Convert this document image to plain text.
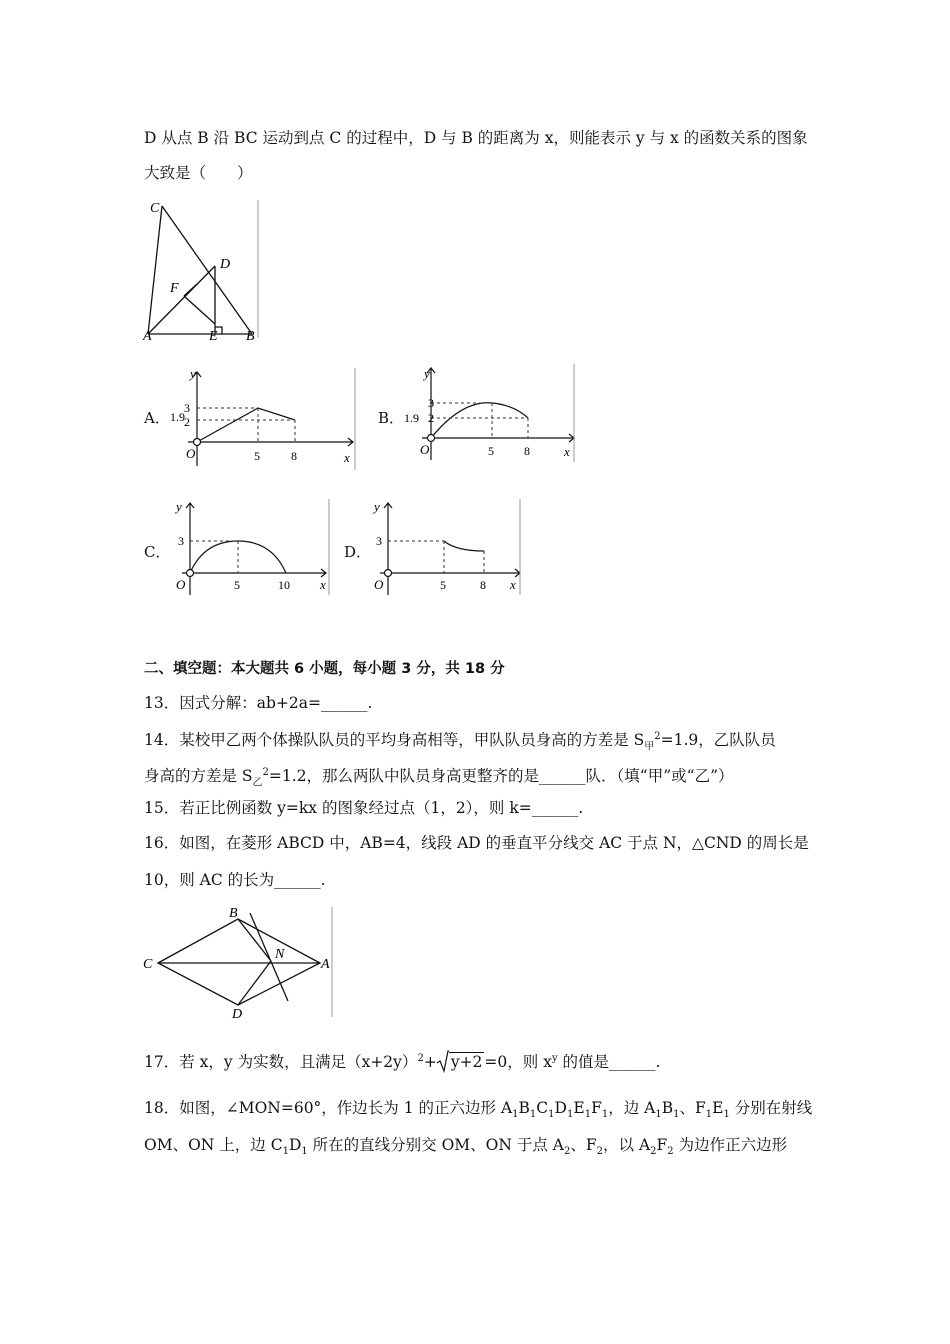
D 从点 B 沿 BC 运动到点 C 的过程中，D 与 B 的距离为 x，则能表示 y 与 x 的函数关系的图象
大致是（　　）
C
D
F
A	E B
A．
y
x
O
3
2
1.9
5	8
B．
y
x
O
3
2
1.9
5	8
C．
y
x
O
3
5	10
D．
y
x
O
3
5	8
二、填空题：本大题共 6 小题，每小题 3 分，共 18 分
13．因式分解：ab+2a=______.
14．某校甲乙两个体操队队员的平均身高相等，甲队队员身高的方差是 $S_甲^2=1.9$，乙队队员
身高的方差是 $S_乙^2=1.2$，那么两队中队员身高更整齐的是______队．（填“甲”或“乙”）
15．若正比例函数 y=kx 的图象经过点（1，2），则 k=______.
16．如图，在菱形 ABCD 中，AB=4，线段 AD 的垂直平分线交 AC 于点 N，△CND 的周长是
10，则 AC 的长为______.
B
C
N
A
D
17．若 x，y 为实数，且满足$(x+2y)^2+ y+2 =0$，则 $x^y$ 的值是______.
18．如图，∠MON=60°，作边长为 1 的正六边形 $A_1B_1C_1D_1E_1F_1$，边 $A_1B_1$、$F_1E_1$ 分别在射线
OM、ON 上，边 $C_1D_1$ 所在的直线分别交 OM、ON 于点 $A_2$、$F_2$，以 $A_2F_2$ 为边作正六边形
